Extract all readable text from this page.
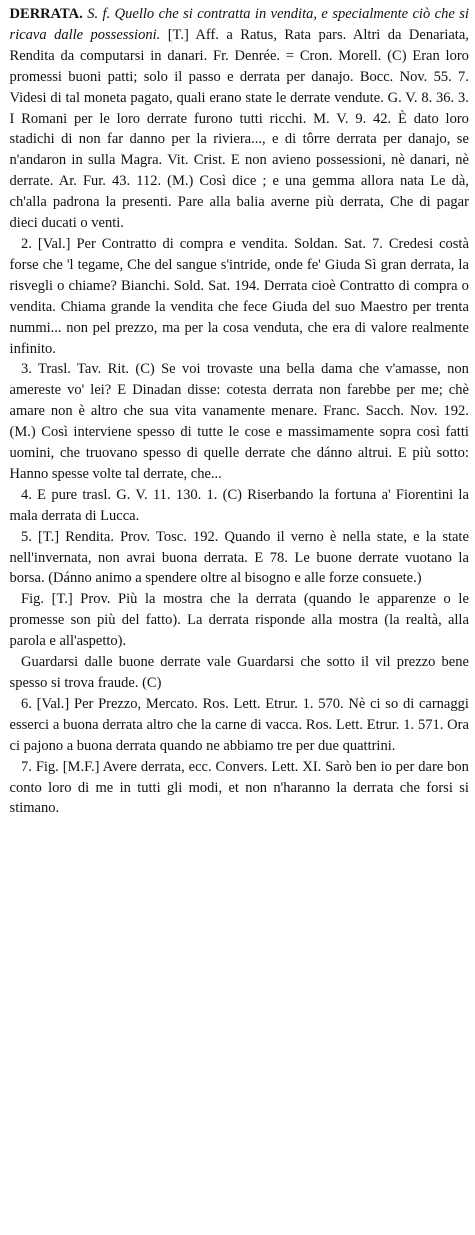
DERRATA. S. f. Quello che si contratta in vendita, e specialmente ciò che si ricava dalle possessioni. [T.] Aff. a Ratus, Rata pars. Altri da Denariata, Rendita da computarsi in danari. Fr. Denrée. = Cron. Morell. (C) Eran loro promessi buoni patti; solo il passo e derrata per danajo. Bocc. Nov. 55. 7. Videsi di tal moneta pagato, quali erano state le derrate vendute. G. V. 8. 36. 3. I Romani per le loro derrate furono tutti ricchi. M. V. 9. 42. È dato loro stadichi di non far danno per la riviera..., e di tôrre derrata per danajo, se n'andaron in sulla Magra. Vit. Crist. E non avieno possessioni, nè danari, nè derrate. Ar. Fur. 43. 112. (M.) Così dice ; e una gemma allora nata Le dà, ch'alla padrona la presenti. Pare alla balia averne più derrata, Che di pagar dieci ducati o venti.

2. [Val.] Per Contratto di compra e vendita. Soldan. Sat. 7. Credesi costà forse che 'l tegame, Che del sangue s'intride, onde fe' Giuda Sì gran derrata, la risvegli o chiame? Bianchi. Sold. Sat. 194. Derrata cioè Contratto di compra o vendita. Chiama grande la vendita che fece Giuda del suo Maestro per trenta nummi... non pel prezzo, ma per la cosa venduta, che era di valore realmente infinito.

3. Trasl. Tav. Rit. (C) Se voi trovaste una bella dama che v'amasse, non amereste vo' lei? E Dinadan disse: cotesta derrata non farebbe per me; chè amare non è altro che sua vita vanamente menare. Franc. Sacch. Nov. 192. (M.) Così interviene spesso di tutte le cose e massimamente sopra così fatti uomini, che truovano spesso di quelle derrate che dánno altrui. E più sotto: Hanno spesse volte tal derrate, che...

4. E pure trasl. G. V. 11. 130. 1. (C) Riserbando la fortuna a' Fiorentini la mala derrata di Lucca.

5. [T.] Rendita. Prov. Tosc. 192. Quando il verno è nella state, e la state nell'invernata, non avrai buona derrata. E 78. Le buone derrate vuotano la borsa. (Dánno animo a spendere oltre al bisogno e alle forze consuete.)

Fig. [T.] Prov. Più la mostra che la derrata (quando le apparenze o le promesse son più del fatto). La derrata risponde alla mostra (la realtà, alla parola e all'aspetto).

Guardarsi dalle buone derrate vale Guardarsi che sotto il vil prezzo bene spesso si trova fraude. (C)

6. [Val.] Per Prezzo, Mercato. Ros. Lett. Etrur. 1. 570. Nè ci so di carnaggi esserci a buona derrata altro che la carne di vacca. Ros. Lett. Etrur. 1. 571. Ora ci pajono a buona derrata quando ne abbiamo tre per due quattrini.

7. Fig. [M.F.] Avere derrata, ecc. Convers. Lett. XI. Sarò ben io per dare bon conto loro di me in tutti gli modi, et non n'haranno la derrata che forsi si stimano.
